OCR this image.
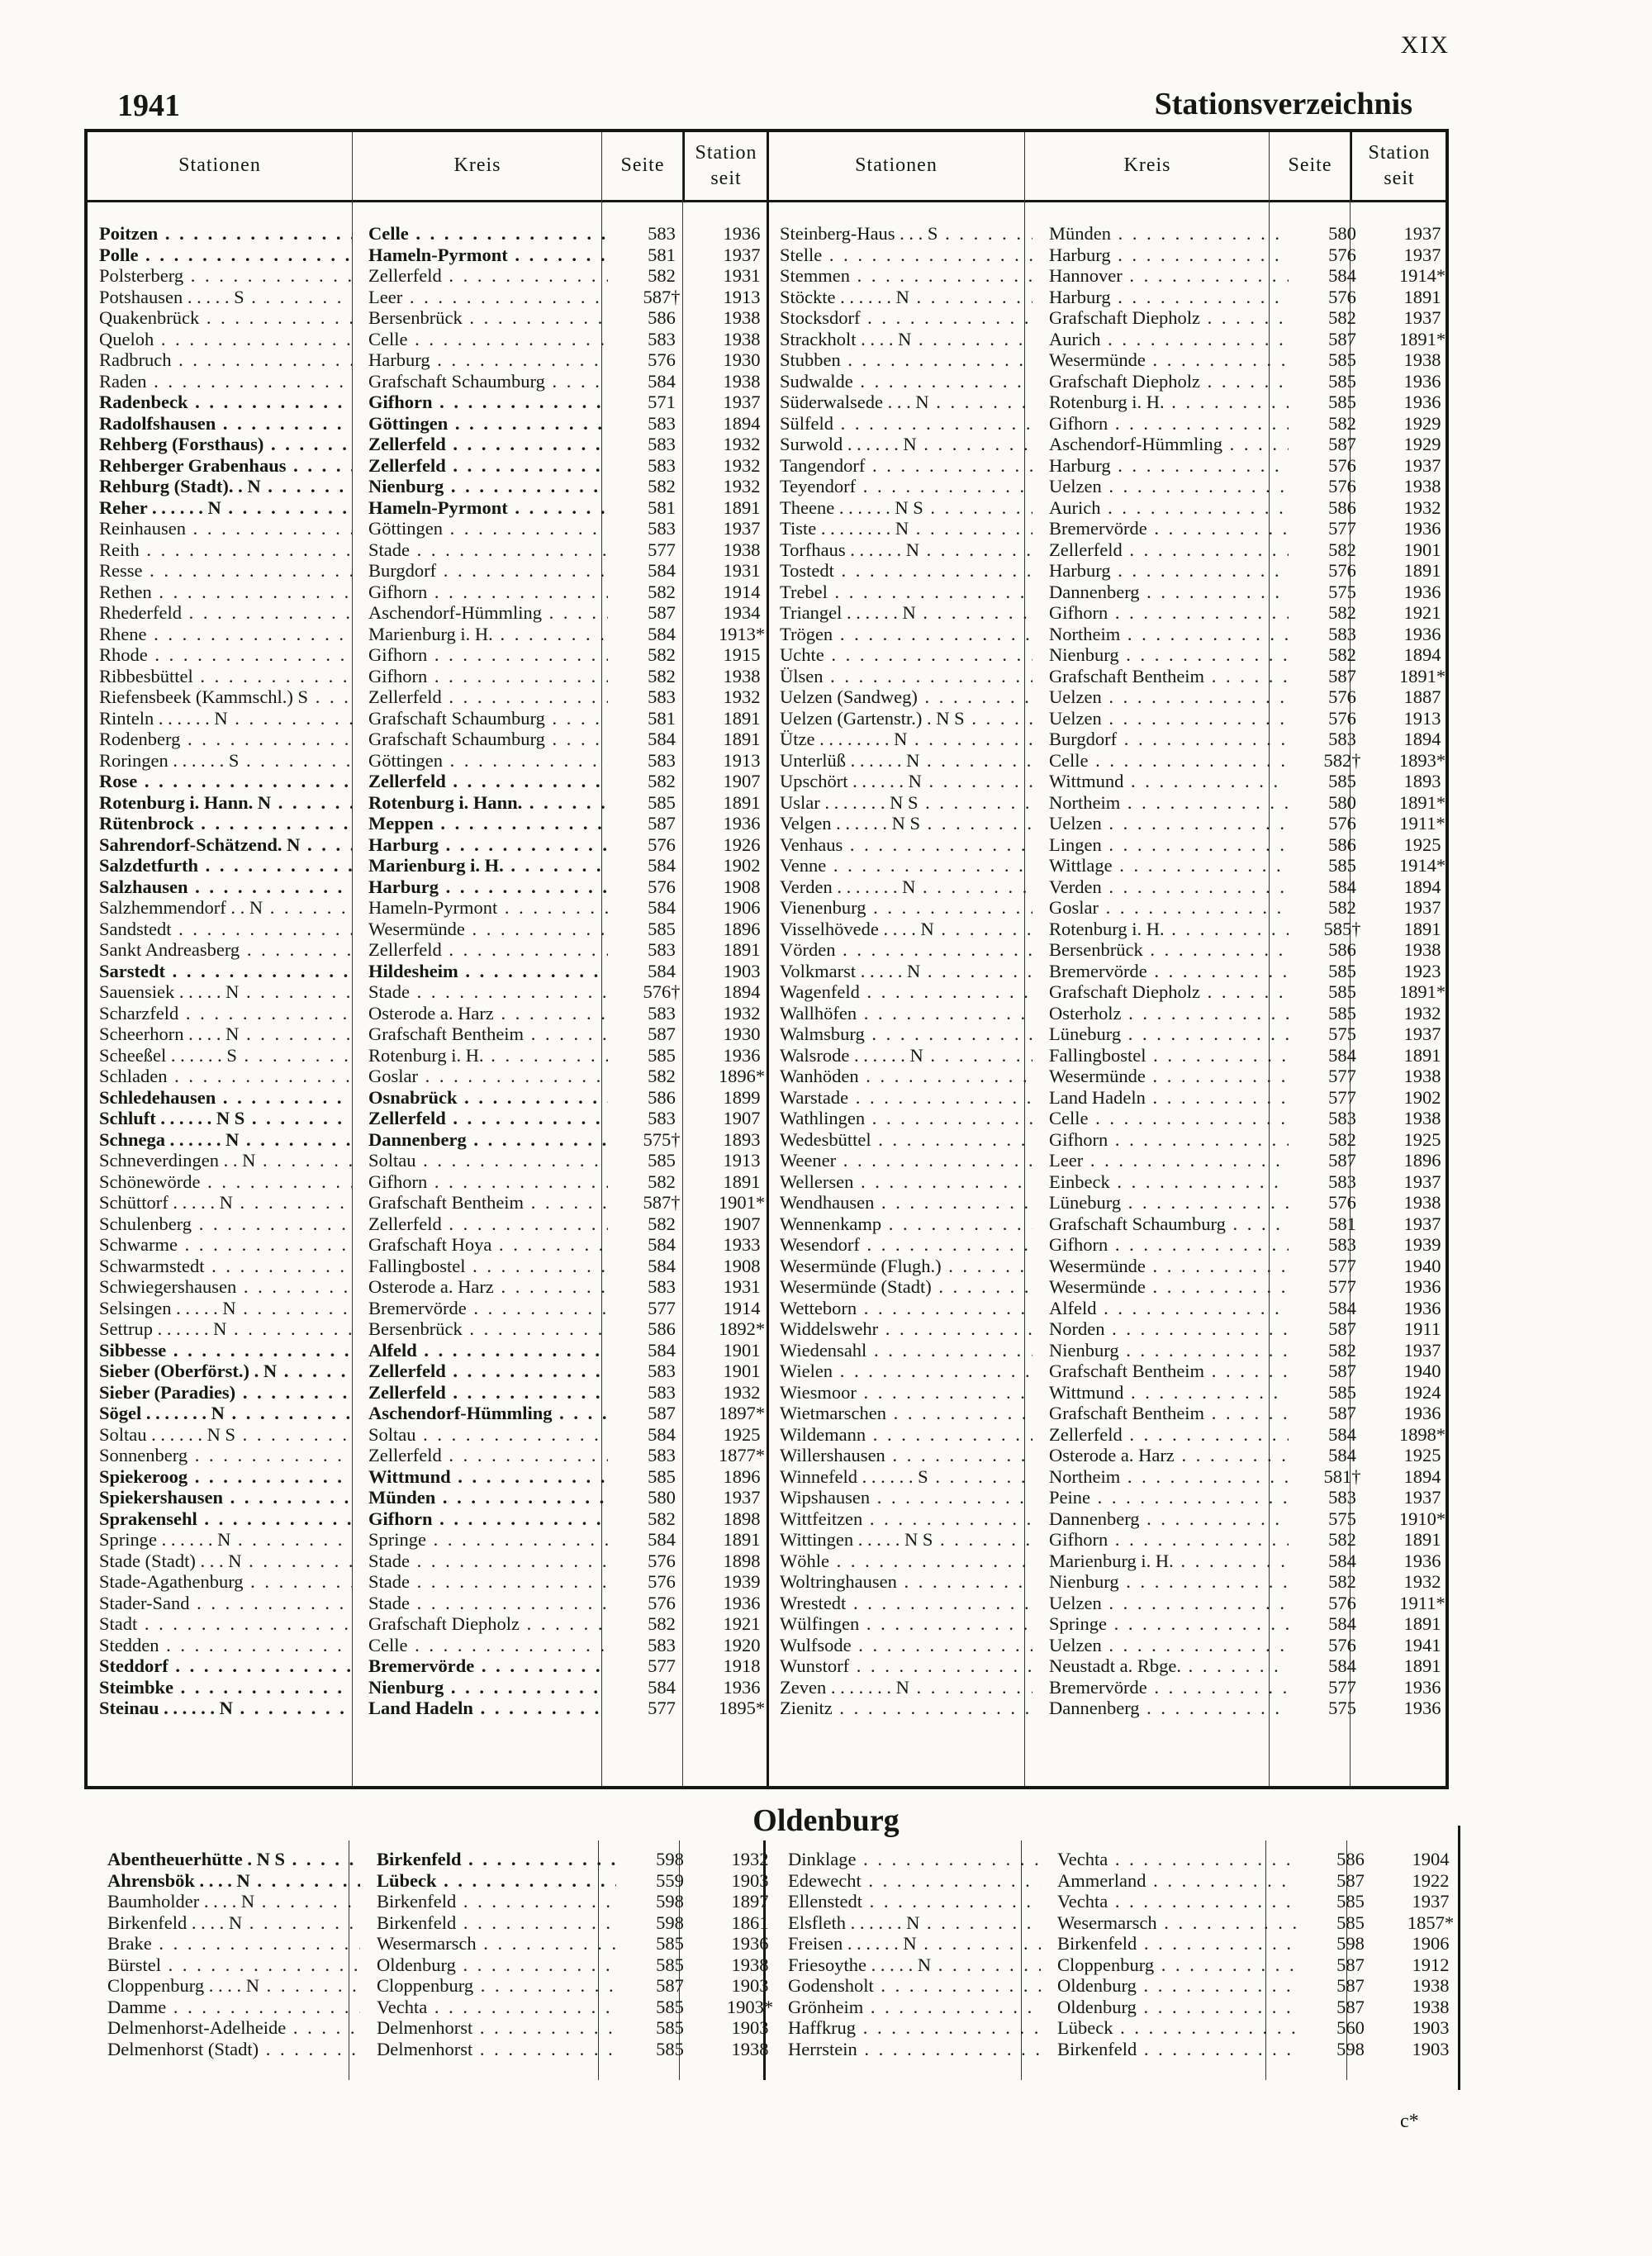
XIX
1941	Stationsverzeichnis
Stationen	Kreis	Seite
Station seit
Stationen	Kreis	Seite
Station seit
Poitzen . . .	Celle . . .	583	1936
Polle . . .	Hameln-Pyrmont . . .	581	1937
Polsterberg . . .	Zellerfeld . . .	582	1931
Potshausen . . . . . S . . .	Leer . . .	587†	1913
Quakenbrück . . .	Bersenbrück . . .	586	1938
Queloh . . .	Celle . . .	583	1938
Radbruch . . .	Harburg . . .	576	1930
Raden . . .	Grafschaft Schaumburg . . .	584	1938
Radenbeck . . .	Gifhorn . . .	571	1937
Radolfshausen . . .	Göttingen . . .	583	1894
Rehberg (Forsthaus) . . .	Zellerfeld . . .	583	1932
Rehberger Grabenhaus . . .	Zellerfeld . . .	583	1932
Rehburg (Stadt). . N . . .	Nienburg . . .	582	1932
Reher . . . . . . N . . .	Hameln-Pyrmont . . .	581	1891
Reinhausen . . .	Göttingen . . .	583	1937
Reith . . .	Stade . . .	577	1938
Resse . . .	Burgdorf . . .	584	1931
Rethen . . .	Gifhorn . . .	582	1914
Rhederfeld . . .	Aschendorf-Hümmling . . .	587	1934
Rhene . . .	Marienburg i. H. . . .	584	1913*
Rhode . . .	Gifhorn . . .	582	1915
Ribbesbüttel . . .	Gifhorn . . .	582	1938
Riefensbeek (Kammschl.) S . . .	Zellerfeld . . .	583	1932
Rinteln . . . . . . N . . .	Grafschaft Schaumburg . . .	581	1891
Rodenberg . . .	Grafschaft Schaumburg . . .	584	1891
Roringen . . . . . . S . . .	Göttingen . . .	583	1913
Rose . . .	Zellerfeld . . .	582	1907
Rotenburg i. Hann. N . . .	Rotenburg i. Hann. . . .	585	1891
Rütenbrock . . .	Meppen . . .	587	1936
Sahrendorf-Schätzend. N . . .	Harburg . . .	576	1926
Salzdetfurth . . .	Marienburg i. H. . . .	584	1902
Salzhausen . . .	Harburg . . .	576	1908
Salzhemmendorf . . N . . .	Hameln-Pyrmont . . .	584	1906
Sandstedt . . .	Wesermünde . . .	585	1896
Sankt Andreasberg . . .	Zellerfeld . . .	583	1891
Sarstedt . . .	Hildesheim . . .	584	1903
Sauensiek . . . . . N . . .	Stade . . .	576†	1894
Scharzfeld . . .	Osterode a. Harz . . .	583	1932
Scheerhorn . . . . N . . .	Grafschaft Bentheim . . .	587	1930
Scheeßel . . . . . . S . . .	Rotenburg i. H. . . .	585	1936
Schladen . . .	Goslar . . .	582	1896*
Schledehausen . . .	Osnabrück . . .	586	1899
Schluft . . . . . . N S . . .	Zellerfeld . . .	583	1907
Schnega . . . . . . N . . .	Dannenberg . . .	575†	1893
Schneverdingen . . N . . .	Soltau . . .	585	1913
Schönewörde . . .	Gifhorn . . .	582	1891
Schüttorf . . . . . N . . .	Grafschaft Bentheim . . .	587†	1901*
Schulenberg . . .	Zellerfeld . . .	582	1907
Schwarme . . .	Grafschaft Hoya . . .	584	1933
Schwarmstedt . . .	Fallingbostel . . .	584	1908
Schwiegershausen . . .	Osterode a. Harz . . .	583	1931
Selsingen . . . . . N . . .	Bremervörde . . .	577	1914
Settrup . . . . . . N . . .	Bersenbrück . . .	586	1892*
Sibbesse . . .	Alfeld . . .	584	1901
Sieber (Oberförst.) . N . . .	Zellerfeld . . .	583	1901
Sieber (Paradies) . . .	Zellerfeld . . .	583	1932
Sögel . . . . . . . N . . .	Aschendorf-Hümmling . . .	587	1897*
Soltau . . . . . . N S . . .	Soltau . . .	584	1925
Sonnenberg . . .	Zellerfeld . . .	583	1877*
Spiekeroog . . .	Wittmund . . .	585	1896
Spiekershausen . . .	Münden . . .	580	1937
Sprakensehl . . .	Gifhorn . . .	582	1898
Springe . . . . . . N . . .	Springe . . .	584	1891
Stade (Stadt) . . . N . . .	Stade . . .	576	1898
Stade-Agathenburg . . .	Stade . . .	576	1939
Stader-Sand . . .	Stade . . .	576	1936
Stadt . . .	Grafschaft Diepholz . . .	582	1921
Stedden . . .	Celle . . .	583	1920
Steddorf . . .	Bremervörde . . .	577	1918
Steimbke . . .	Nienburg . . .	584	1936
Steinau . . . . . . N . . .	Land Hadeln . . .	577	1895*
Steinberg-Haus . . . S . . .	Münden . . .	580	1937
Stelle . . .	Harburg . . .	576	1937
Stemmen . . .	Hannover . . .	584	1914*
Stöckte . . . . . . N . . .	Harburg . . .	576	1891
Stocksdorf . . .	Grafschaft Diepholz . . .	582	1937
Strackholt . . . . N . . .	Aurich . . .	587	1891*
Stubben . . .	Wesermünde . . .	585	1938
Sudwalde . . .	Grafschaft Diepholz . . .	585	1936
Süderwalsede . . . N . . .	Rotenburg i. H. . . .	585	1936
Sülfeld . . .	Gifhorn . . .	582	1929
Surwold . . . . . . N . . .	Aschendorf-Hümmling . . .	587	1929
Tangendorf . . .	Harburg . . .	576	1937
Teyendorf . . .	Uelzen . . .	576	1938
Theene . . . . . . N S . . .	Aurich . . .	586	1932
Tiste . . . . . . . . N . . .	Bremervörde . . .	577	1936
Torfhaus . . . . . . N . . .	Zellerfeld . . .	582	1901
Tostedt . . .	Harburg . . .	576	1891
Trebel . . .	Dannenberg . . .	575	1936
Triangel . . . . . . N . . .	Gifhorn . . .	582	1921
Trögen . . .	Northeim . . .	583	1936
Uchte . . .	Nienburg . . .	582	1894
Ülsen . . .	Grafschaft Bentheim . . .	587	1891*
Uelzen (Sandweg) . . .	Uelzen . . .	576	1887
Uelzen (Gartenstr.) . N S . . .	Uelzen . . .	576	1913
Ütze . . . . . . . . N . . .	Burgdorf . . .	583	1894
Unterlüß . . . . . . N . . .	Celle . . .	582†	1893*
Upschört . . . . . . N . . .	Wittmund . . .	585	1893
Uslar . . . . . . . N S . . .	Northeim . . .	580	1891*
Velgen . . . . . . N S . . .	Uelzen . . .	576	1911*
Venhaus . . .	Lingen . . .	586	1925
Venne . . .	Wittlage . . .	585	1914*
Verden . . . . . . . N . . .	Verden . . .	584	1894
Vienenburg . . .	Goslar . . .	582	1937
Visselhövede . . . . N . . .	Rotenburg i. H. . . .	585†	1891
Vörden . . .	Bersenbrück . . .	586	1938
Volkmarst . . . . . N . . .	Bremervörde . . .	585	1923
Wagenfeld . . .	Grafschaft Diepholz . . .	585	1891*
Wallhöfen . . .	Osterholz . . .	585	1932
Walmsburg . . .	Lüneburg . . .	575	1937
Walsrode . . . . . . N . . .	Fallingbostel . . .	584	1891
Wanhöden . . .	Wesermünde . . .	577	1938
Warstade . . .	Land Hadeln . . .	577	1902
Wathlingen . . .	Celle . . .	583	1938
Wedesbüttel . . .	Gifhorn . . .	582	1925
Weener . . .	Leer . . .	587	1896
Wellersen . . .	Einbeck . . .	583	1937
Wendhausen . . .	Lüneburg . . .	576	1938
Wennenkamp . . .	Grafschaft Schaumburg . . .	581	1937
Wesendorf . . .	Gifhorn . . .	583	1939
Wesermünde (Flugh.) . . .	Wesermünde . . .	577	1940
Wesermünde (Stadt) . . .	Wesermünde . . .	577	1936
Wetteborn . . .	Alfeld . . .	584	1936
Widdelswehr . . .	Norden . . .	587	1911
Wiedensahl . . .	Nienburg . . .	582	1937
Wielen . . .	Grafschaft Bentheim . . .	587	1940
Wiesmoor . . .	Wittmund . . .	585	1924
Wietmarschen . . .	Grafschaft Bentheim . . .	587	1936
Wildemann . . .	Zellerfeld . . .	584	1898*
Willershausen . . .	Osterode a. Harz . . .	584	1925
Winnefeld . . . . . . S . . .	Northeim . . .	581†	1894
Wipshausen . . .	Peine . . .	583	1937
Wittfeitzen . . .	Dannenberg . . .	575	1910*
Wittingen . . . . . N S . . .	Gifhorn . . .	582	1891
Wöhle . . .	Marienburg i. H. . . .	584	1936
Woltringhausen . . .	Nienburg . . .	582	1932
Wrestedt . . .	Uelzen . . .	576	1911*
Wülfingen . . .	Springe . . .	584	1891
Wulfsode . . .	Uelzen . . .	576	1941
Wunstorf . . .	Neustadt a. Rbge. . . .	584	1891
Zeven . . . . . . . N . . .	Bremervörde . . .	577	1936
Zienitz . . .	Dannenberg . . .	575	1936
Oldenburg
Abentheuerhütte . N S . . .	Birkenfeld . . .	598	1932
Ahrensbök . . . . N . . .	Lübeck . . .	559	1903
Baumholder . . . . N . . .	Birkenfeld . . .	598	1897
Birkenfeld . . . . N . . .	Birkenfeld . . .	598	1861
Brake . . .	Wesermarsch . . .	585	1936
Bürstel . . .	Oldenburg . . .	585	1938
Cloppenburg . . . . N . . .	Cloppenburg . . .	587	1903
Damme . . .	Vechta . . .	585	1903*
Delmenhorst-Adelheide . . .	Delmenhorst . . .	585	1903
Delmenhorst (Stadt) . . .	Delmenhorst . . .	585	1938
Dinklage . . .	Vechta . . .	586	1904
Edewecht . . .	Ammerland . . .	587	1922
Ellenstedt . . .	Vechta . . .	585	1937
Elsfleth . . . . . . N . . .	Wesermarsch . . .	585	1857*
Freisen . . . . . . N . . .	Birkenfeld . . .	598	1906
Friesoythe . . . . . N . . .	Cloppenburg . . .	587	1912
Godensholt . . .	Oldenburg . . .	587	1938
Grönheim . . .	Oldenburg . . .	587	1938
Haffkrug . . .	Lübeck . . .	560	1903
Herrstein . . .	Birkenfeld . . .	598	1903
c*
